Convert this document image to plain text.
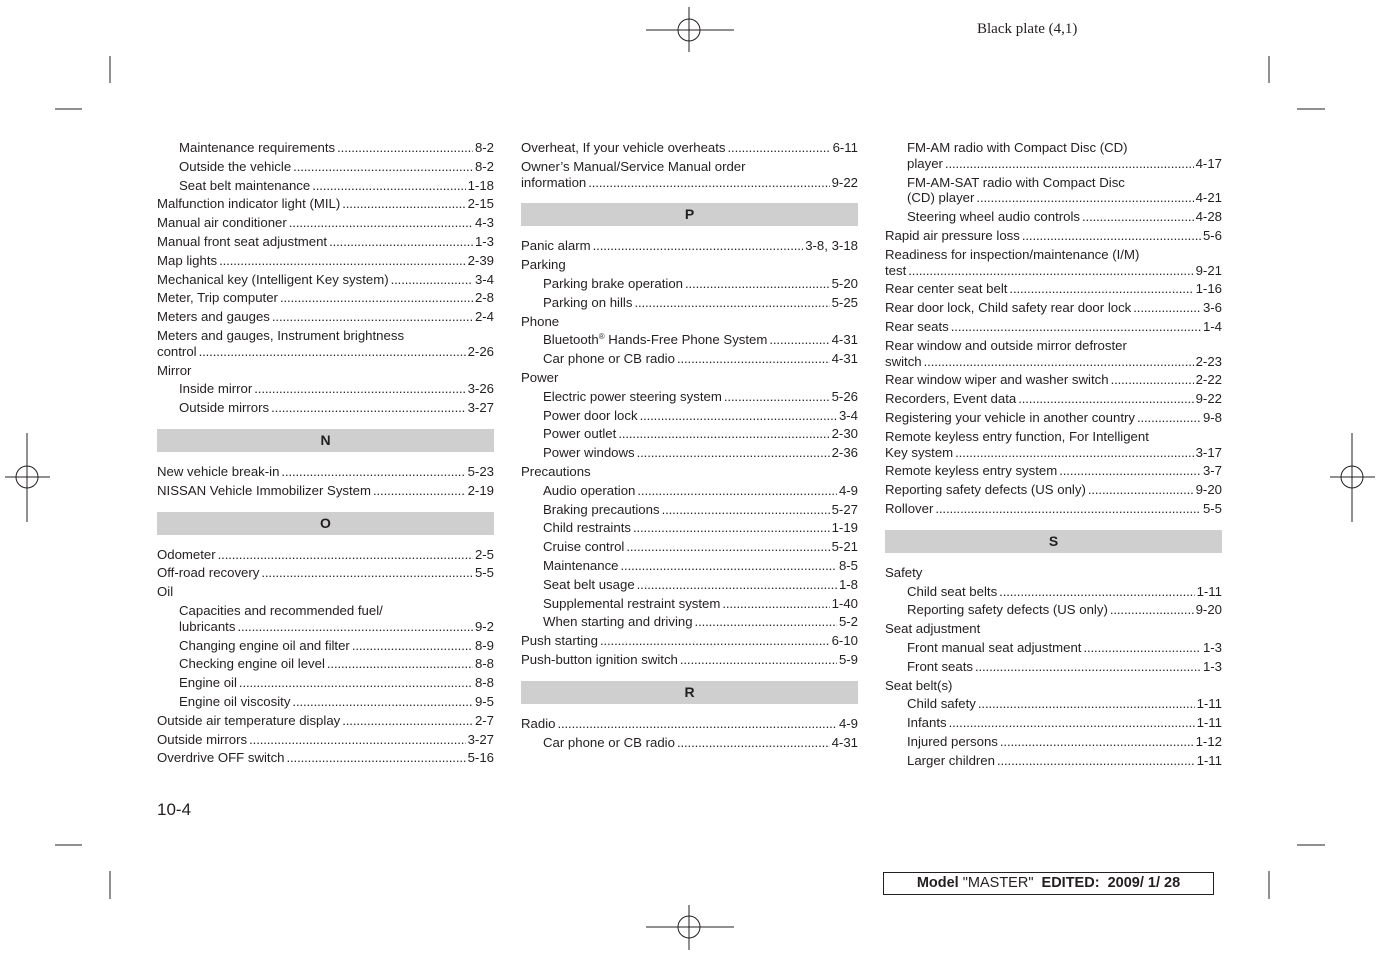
Black plate (4,1)
Maintenance requirements . . .	8-2
Outside the vehicle . . .	8-2
Seat belt maintenance . . .	1-18
Malfunction indicator light (MIL) . . .	2-15
Manual air conditioner . . .	4-3
Manual front seat adjustment . . .	1-3
Map lights . . .	2-39
Mechanical key (Intelligent Key system) . . .	3-4
Meter, Trip computer . . .	2-8
Meters and gauges . . .	2-4
Meters and gauges, Instrument brightness
control . . .	2-26
Mirror
Inside mirror . . .	3-26
Outside mirrors . . .	3-27
N
New vehicle break-in . . .	5-23
NISSAN Vehicle Immobilizer System . . .	2-19
O
Odometer . . .	2-5
Off-road recovery . . .	5-5
Oil
Capacities and recommended fuel/
lubricants . . .	9-2
Changing engine oil and filter . . .	8-9
Checking engine oil level . . .	8-8
Engine oil . . .	8-8
Engine oil viscosity . . .	9-5
Outside air temperature display . . .	2-7
Outside mirrors . . .	3-27
Overdrive OFF switch . . .	5-16
Overheat, If your vehicle overheats . . .	6-11
Owner’s Manual/Service Manual order
information . . .	9-22
P
Panic alarm . . .	3-8, 3-18
Parking
Parking brake operation . . .	5-20
Parking on hills . . .	5-25
Phone
Bluetooth® Hands-Free Phone System . . .	4-31
Car phone or CB radio . . .	4-31
Power
Electric power steering system . . .	5-26
Power door lock . . .	3-4
Power outlet . . .	2-30
Power windows . . .	2-36
Precautions
Audio operation . . .	4-9
Braking precautions . . .	5-27
Child restraints . . .	1-19
Cruise control . . .	5-21
Maintenance . . .	8-5
Seat belt usage . . .	1-8
Supplemental restraint system . . .	1-40
When starting and driving . . .	5-2
Push starting . . .	6-10
Push-button ignition switch . . .	5-9
R
Radio . . .	4-9
Car phone or CB radio . . .	4-31
FM-AM radio with Compact Disc (CD)
player . . .	4-17
FM-AM-SAT radio with Compact Disc
(CD) player . . .	4-21
Steering wheel audio controls . . .	4-28
Rapid air pressure loss . . .	5-6
Readiness for inspection/maintenance (I/M)
test . . .	9-21
Rear center seat belt . . .	1-16
Rear door lock, Child safety rear door lock . . .	3-6
Rear seats . . .	1-4
Rear window and outside mirror defroster
switch . . .	2-23
Rear window wiper and washer switch . . .	2-22
Recorders, Event data . . .	9-22
Registering your vehicle in another country . . .	9-8
Remote keyless entry function, For Intelligent
Key system . . .	3-17
Remote keyless entry system . . .	3-7
Reporting safety defects (US only) . . .	9-20
Rollover . . .	5-5
S
Safety
Child seat belts . . .	1-11
Reporting safety defects (US only) . . .	9-20
Seat adjustment
Front manual seat adjustment . . .	1-3
Front seats . . .	1-3
Seat belt(s)
Child safety . . .	1-11
Infants . . .	1-11
Injured persons . . .	1-12
Larger children . . .	1-11
10-4
Model "MASTER" EDITED: 2009/ 1/ 28
